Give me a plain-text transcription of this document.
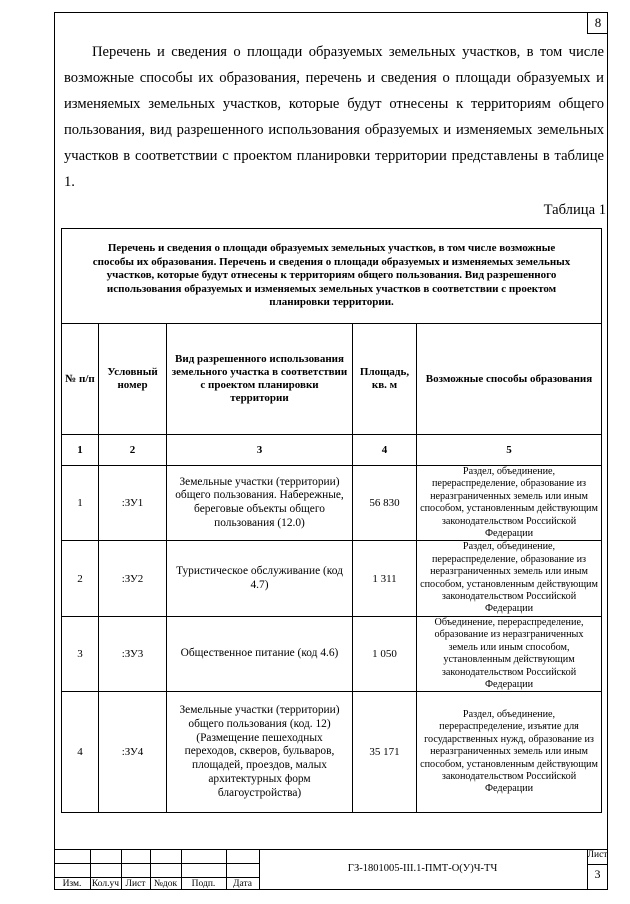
8

Перечень и сведения о площади образуемых земельных участков, в том числе возможные способы их образования, перечень и сведения о площади образуемых и изменяемых земельных участков, которые будут отнесены к территориям общего пользования, вид разрешенного использования образуемых и изменяемых земельных участков в соответствии с проектом планировки территории представлены в таблице 1.

Таблица 1
Перечень и сведения о площади образуемых земельных участков, в том числе возможные способы их образования. Перечень и сведения о площади образуемых и изменяемых земельных участков, которые будут отнесены к территориям общего пользования. Вид разрешенного использования образуемых и изменяемых земельных участков в соответствии с проектом планировки территории.				
№ п/п	Условный номер	Вид разрешенного использования земельного участка в соответствии с проектом планировки территории	Площадь, кв. м	Возможные способы образования
1	2	3	4	5
1	:ЗУ1	Земельные участки (территории) общего пользования. Набережные, береговые объекты общего пользования (12.0)	56 830	Раздел, объединение, перераспределение, образование из неразграниченных земель или иным способом, установленным действующим законодательством Российской Федерации
2	:ЗУ2	Туристическое обслуживание (код 4.7)	1 311	Раздел, объединение, перераспределение, образование из неразграниченных земель или иным способом, установленным действующим законодательством Российской Федерации
3	:ЗУ3	Общественное питание (код 4.6)	1 050	Объединение, перераспределение, образование из неразграниченных земель или иным способом, установленным действующим законодательством Российской Федерации
4	:ЗУ4	Земельные участки (территории) общего пользования (код. 12) (Размещение пешеходных переходов, скверов, бульваров, площадей, проездов, малых архитектурных форм благоустройства)	35 171	Раздел, объединение, перераспределение, изъятие для государственных нужд, образование из неразграниченных земель или иным способом, установленным действующим законодательством Российской Федерации
Изм.	Кол.уч Лист №док	Подп.	Дата
ГЗ-1801005-III.1-ПМТ-О(У)Ч-ТЧ
Лист
3
